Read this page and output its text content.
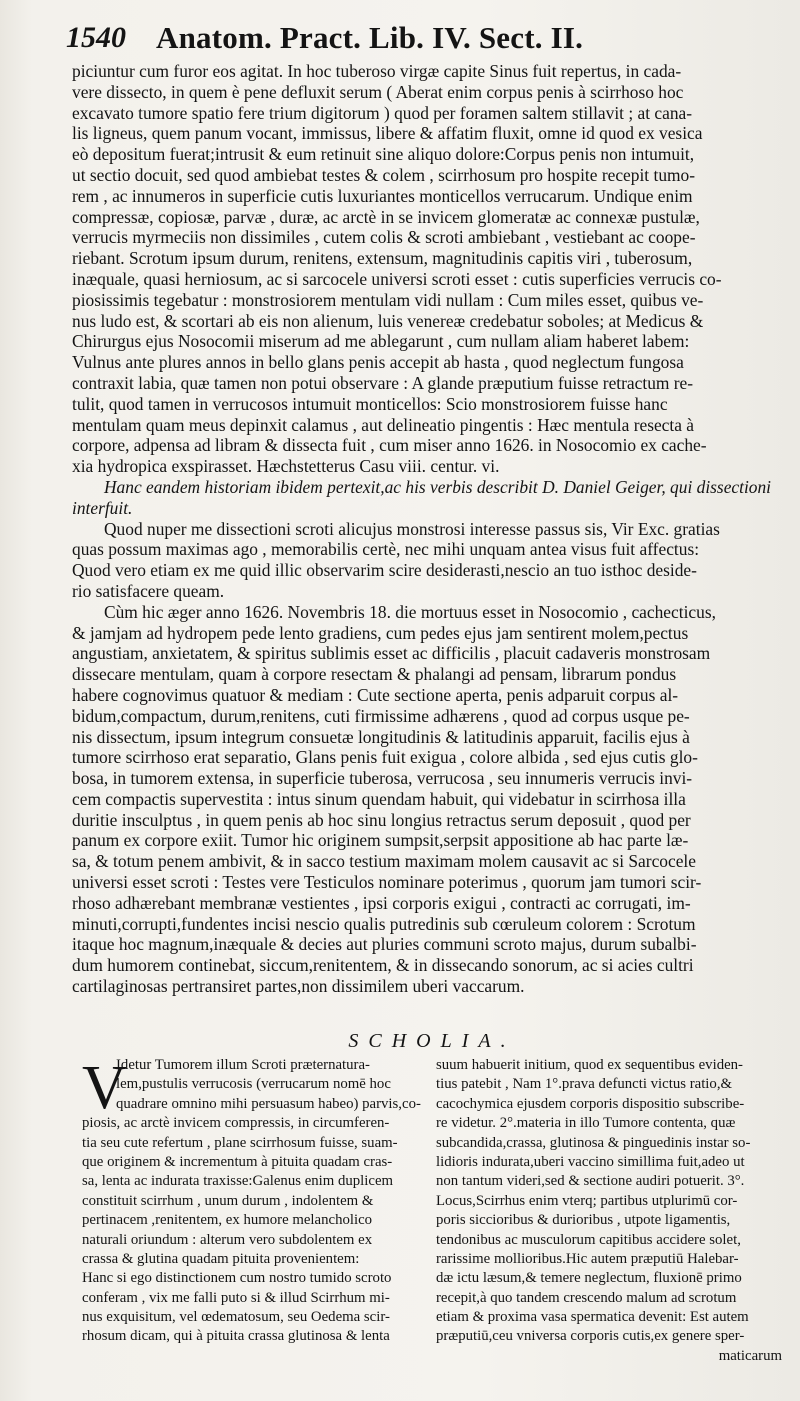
1540 Anatom. Pract. Lib. IV. Sect. II.
piciuntur cum furor eos agitat. In hoc tuberoso virgæ capite Sinus fuit repertus, in cada-
vere dissecto, in quem è pene defluxit serum ( Aberat enim corpus penis à scirrhoso hoc
excavato tumore spatio fere trium digitorum ) quod per foramen saltem stillavit ; at cana-
lis ligneus, quem panum vocant, immissus, libere & affatim fluxit, omne id quod ex vesica
eò depositum fuerat;intrusit & eum retinuit sine aliquo dolore:Corpus penis non intumuit,
ut sectio docuit, sed quod ambiebat testes & colem , scirrhosum pro hospite recepit tumo-
rem , ac innumeros in superficie cutis luxuriantes monticellos verrucarum. Undique enim
compressæ, copiosæ, parvæ , duræ, ac arctè in se invicem glomeratæ ac connexæ pustulæ,
verrucis myrmeciis non dissimiles , cutem colis & scroti ambiebant , vestiebant ac coope-
riebant. Scrotum ipsum durum, renitens, extensum, magnitudinis capitis viri , tuberosum,
inæquale, quasi herniosum, ac si sarcocele universi scroti esset : cutis superficies verrucis co-
piosissimis tegebatur : monstrosiorem mentulam vidi nullam : Cum miles esset, quibus ve-
nus ludo est, & scortari ab eis non alienum, luis venereæ credebatur soboles; at Medicus &
Chirurgus ejus Nosocomii miserum ad me ablegarunt , cum nullam aliam haberet labem:
Vulnus ante plures annos in bello glans penis accepit ab hasta , quod neglectum fungosa
contraxit labia, quæ tamen non potui observare : A glande præputium fuisse retractum re-
tulit, quod tamen in verrucosos intumuit monticellos: Scio monstrosiorem fuisse hanc
mentulam quam meus depinxit calamus , aut delineatio pingentis : Hæc mentula resecta à
corpore, adpensa ad libram & dissecta fuit , cum miser anno 1626. in Nosocomio ex cache-
xia hydropica exspirasset. Hæchstetterus Casu viii. centur. vi.
Hanc eandem historiam ibidem pertexit,ac his verbis describit D. Daniel Geiger, qui dissectioni
interfuit.
Quod nuper me dissectioni scroti alicujus monstrosi interesse passus sis, Vir Exc. gratias
quas possum maximas ago , memorabilis certè, nec mihi unquam antea visus fuit affectus:
Quod vero etiam ex me quid illic observarim scire desiderasti,nescio an tuo isthoc deside-
rio satisfacere queam.
Cùm hic æger anno 1626. Novembris 18. die mortuus esset in Nosocomio , cachecticus,
& jamjam ad hydropem pede lento gradiens, cum pedes ejus jam sentirent molem,pectus
angustiam, anxietatem, & spiritus sublimis esset ac difficilis , placuit cadaveris monstrosam
dissecare mentulam, quam à corpore resectam & phalangi ad pensam, librarum pondus
habere cognovimus quatuor & mediam : Cute sectione aperta, penis adparuit corpus al-
bidum,compactum, durum,renitens, cuti firmissime adhærens , quod ad corpus usque pe-
nis dissectum, ipsum integrum consuetæ longitudinis & latitudinis apparuit, facilis ejus à
tumore scirrhoso erat separatio, Glans penis fuit exigua , colore albida , sed ejus cutis glo-
bosa, in tumorem extensa, in superficie tuberosa, verrucosa , seu innumeris verrucis invi-
cem compactis supervestita : intus sinum quendam habuit, qui videbatur in scirrhosa illa
duritie insculptus , in quem penis ab hoc sinu longius retractus serum deposuit , quod per
panum ex corpore exiit. Tumor hic originem sumpsit,serpsit appositione ab hac parte læ-
sa, & totum penem ambivit, & in sacco testium maximam molem causavit ac si Sarcocele
universi esset scroti : Testes vere Testiculos nominare poterimus , quorum jam tumori scir-
rhoso adhærebant membranæ vestientes , ipsi corporis exigui , contracti ac corrugati, im-
minuti,corrupti,fundentes incisi nescio qualis putredinis sub cœruleum colorem : Scrotum
itaque hoc magnum,inæquale & decies aut pluries communi scroto majus, durum subalbi-
dum humorem continebat, siccum,renitentem, & in dissecando sonorum, ac si acies cultri
cartilaginosas pertransiret partes,non dissimilem uberi vaccarum.
SCHOLIA.
V
Idetur Tumorem illum Scroti præternatura-
lem,pustulis verrucosis (verrucarum nomē hoc
quadrare omnino mihi persuasum habeo) parvis,co-
piosis, ac arctè invicem compressis, in circumferen-
tia seu cute refertum , plane scirrhosum fuisse, suam-
que originem & incrementum à pituita quadam cras-
sa, lenta ac indurata traxisse:Galenus enim duplicem
constituit scirrhum , unum durum , indolentem &
pertinacem ,renitentem, ex humore melancholico
naturali oriundum : alterum vero subdolentem ex
crassa & glutina quadam pituita provenientem:
Hanc si ego distinctionem cum nostro tumido scroto
conferam , vix me falli puto si & illud Scirrhum mi-
nus exquisitum, vel œdematosum, seu Oedema scir-
rhosum dicam, qui à pituita crassa glutinosa & lenta
suum habuerit initium, quod ex sequentibus eviden-
tius patebit , Nam 1°.prava defuncti victus ratio,&
cacochymica ejusdem corporis dispositio subscribe-
re videtur. 2°.materia in illo Tumore contenta, quæ
subcandida,crassa, glutinosa & pinguedinis instar so-
lidioris indurata,uberi vaccino simillima fuit,adeo ut
non tantum videri,sed & sectione audiri potuerit. 3°.
Locus,Scirrhus enim vterq; partibus utplurimū cor-
poris siccioribus & durioribus , utpote ligamentis,
tendonibus ac musculorum capitibus accidere solet,
rarissime mollioribus.Hic autem præputiū Halebar-
dæ ictu læsum,& temere neglectum, fluxionē primo
recepit,à quo tandem crescendo malum ad scrotum
etiam & proxima vasa spermatica devenit: Est autem
præputiū,ceu vniversa corporis cutis,ex genere sper-
maticarum
